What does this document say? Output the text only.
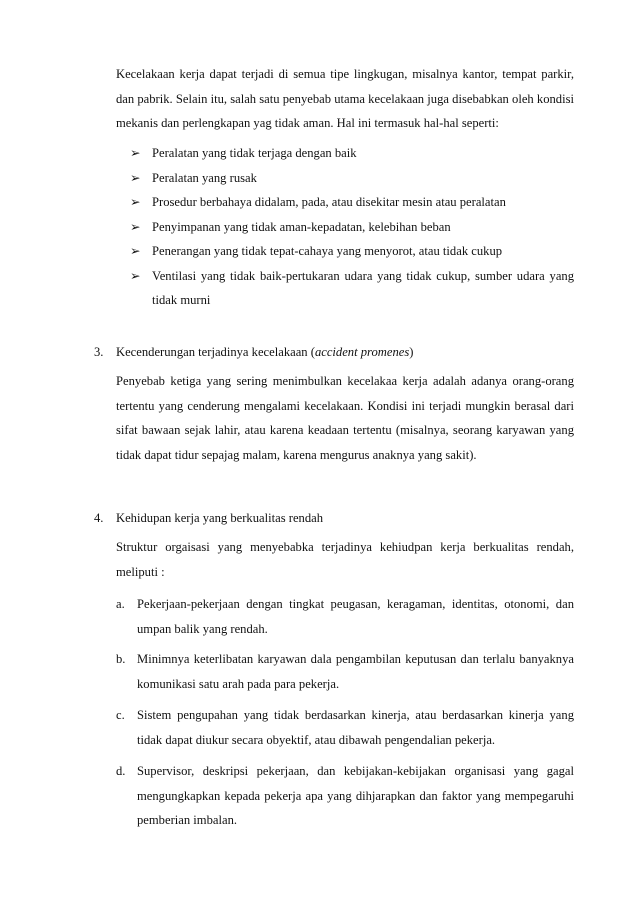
Kecelakaan kerja dapat terjadi di semua tipe lingkugan, misalnya kantor, tempat parkir, dan pabrik. Selain itu, salah satu penyebab utama kecelakaan juga disebabkan oleh kondisi mekanis dan perlengkapan yag tidak aman. Hal ini termasuk hal-hal seperti:

➢ Peralatan yang tidak terjaga dengan baik
➢ Peralatan yang rusak
➢ Prosedur berbahaya didalam, pada, atau disekitar mesin atau peralatan
➢ Penyimpanan yang tidak aman-kepadatan, kelebihan beban
➢ Penerangan yang tidak tepat-cahaya yang menyorot, atau tidak cukup
➢ Ventilasi yang tidak baik-pertukaran udara yang tidak cukup, sumber udara yang tidak murni
3. Kecenderungan terjadinya kecelakaan (accident promenes)

Penyebab ketiga yang sering menimbulkan kecelakaa kerja adalah adanya orang-orang tertentu yang cenderung mengalami kecelakaan. Kondisi ini terjadi mungkin berasal dari sifat bawaan sejak lahir, atau karena keadaan tertentu (misalnya, seorang karyawan yang tidak dapat tidur sepajag malam, karena mengurus anaknya yang sakit).

4. Kehidupan kerja yang berkualitas rendah

Struktur orgaisasi yang menyebabka terjadinya kehiudpan kerja berkualitas rendah, meliputi :

a. Pekerjaan-pekerjaan dengan tingkat peugasan, keragaman, identitas, otonomi, dan umpan balik yang rendah.
b. Minimnya keterlibatan karyawan dala pengambilan keputusan dan terlalu banyaknya komunikasi satu arah pada para pekerja.
c. Sistem pengupahan yang tidak berdasarkan kinerja, atau berdasarkan kinerja yang tidak dapat diukur secara obyektif, atau dibawah pengendalian pekerja.
d. Supervisor, deskripsi pekerjaan, dan kebijakan-kebijakan organisasi yang gagal mengungkapkan kepada pekerja apa yang dihjarapkan dan faktor yang mempegaruhi pemberian imbalan.
